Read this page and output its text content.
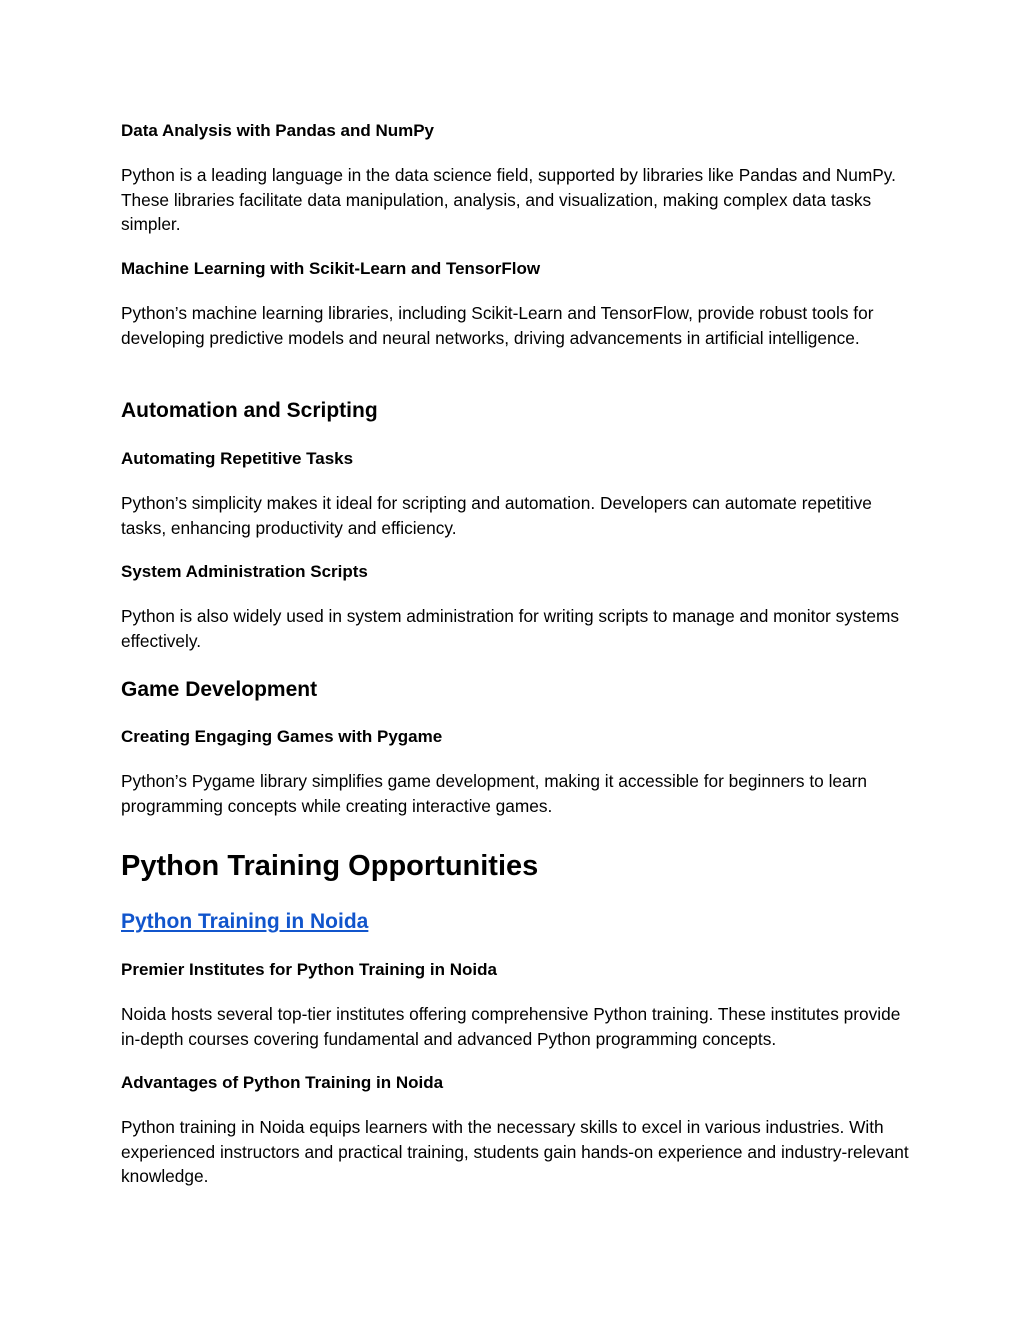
Data Analysis with Pandas and NumPy

Python is a leading language in the data science field, supported by libraries like Pandas and NumPy. These libraries facilitate data manipulation, analysis, and visualization, making complex data tasks simpler.

Machine Learning with Scikit-Learn and TensorFlow

Python’s machine learning libraries, including Scikit-Learn and TensorFlow, provide robust tools for developing predictive models and neural networks, driving advancements in artificial intelligence.

Automation and Scripting
Automating Repetitive Tasks

Python’s simplicity makes it ideal for scripting and automation. Developers can automate repetitive tasks, enhancing productivity and efficiency.

System Administration Scripts

Python is also widely used in system administration for writing scripts to manage and monitor systems effectively.

Game Development
Creating Engaging Games with Pygame

Python’s Pygame library simplifies game development, making it accessible for beginners to learn programming concepts while creating interactive games.

Python Training Opportunities
Python Training in Noida
Premier Institutes for Python Training in Noida

Noida hosts several top-tier institutes offering comprehensive Python training. These institutes provide in-depth courses covering fundamental and advanced Python programming concepts.

Advantages of Python Training in Noida

Python training in Noida equips learners with the necessary skills to excel in various industries. With experienced instructors and practical training, students gain hands-on experience and industry-relevant knowledge.
